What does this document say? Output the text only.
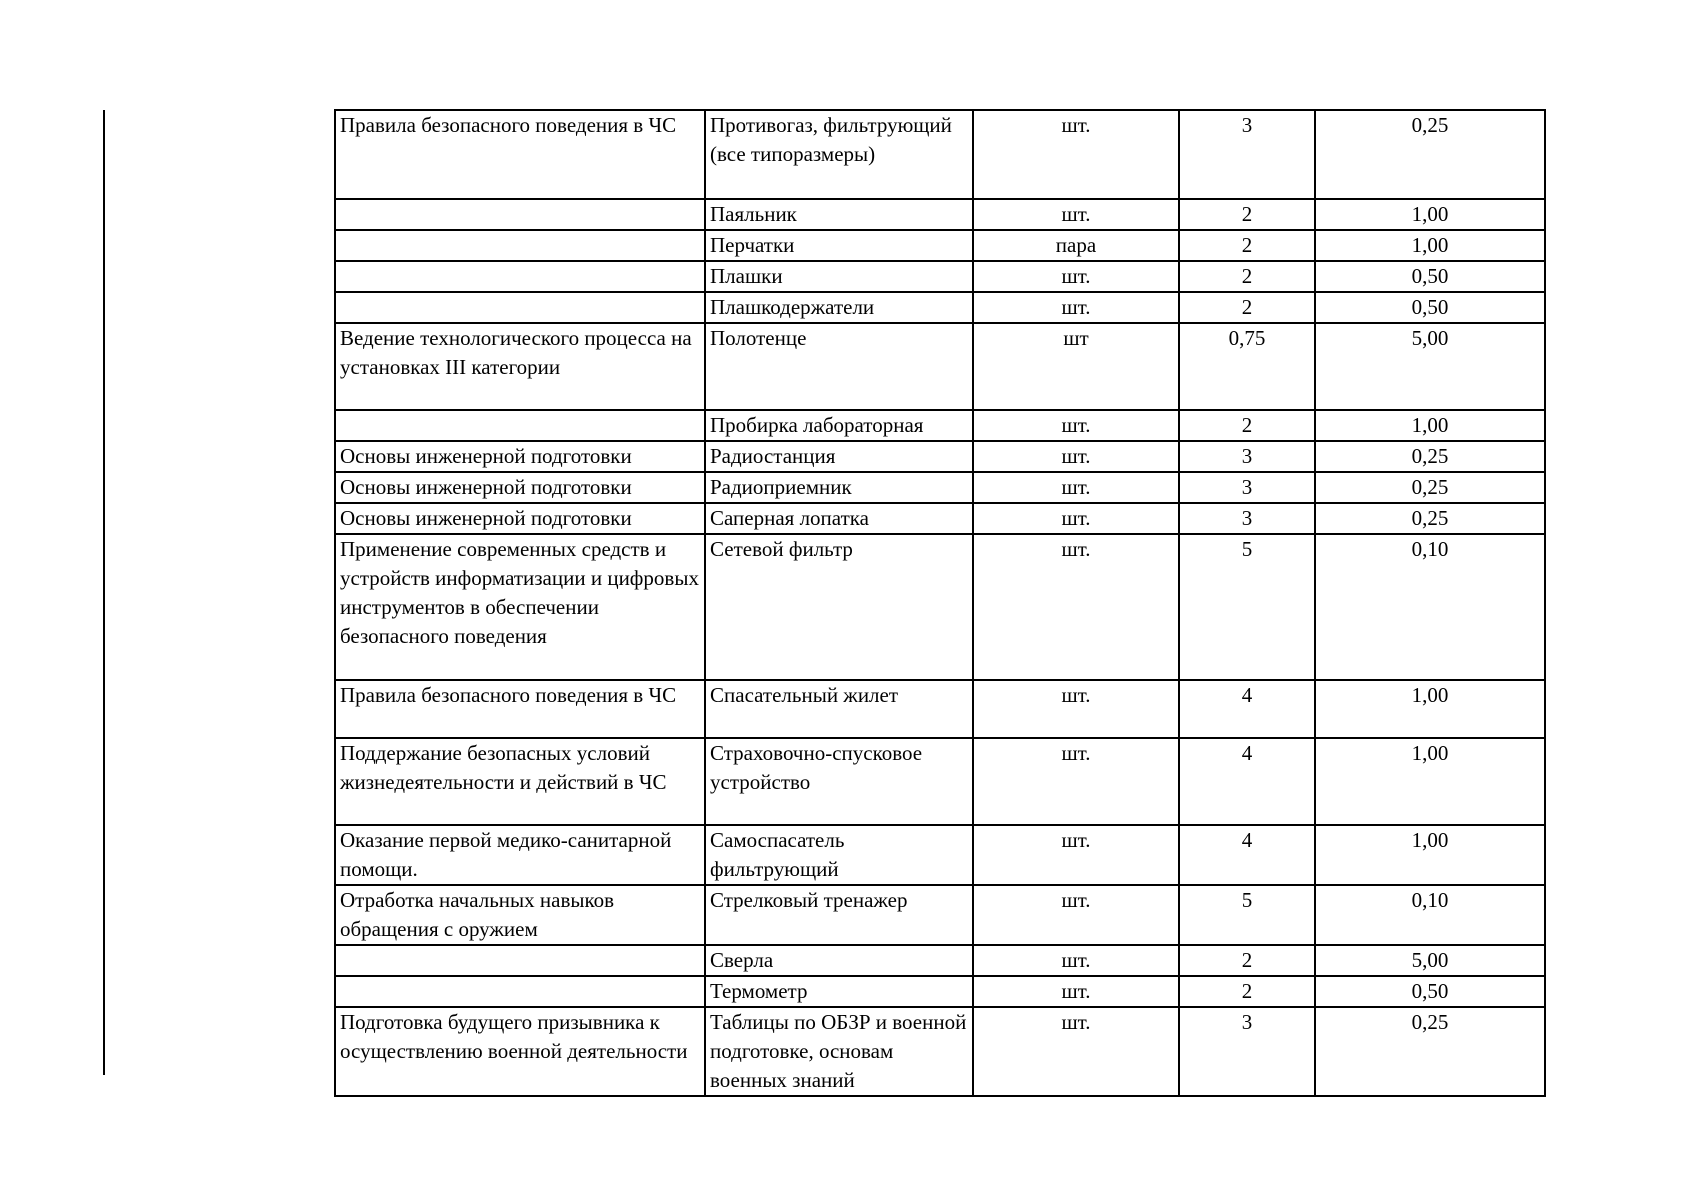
Правила безопасного поведения в ЧС	Противогаз, фильтрующий (все типоразмеры)	шт.	3	0,25
	Паяльник	шт.	2	1,00
	Перчатки	пара	2	1,00
	Плашки	шт.	2	0,50
	Плашкодержатели	шт.	2	0,50
Ведение технологического процесса на установках III категории	Полотенце	шт	0,75	5,00
	Пробирка лабораторная	шт.	2	1,00
Основы инженерной подготовки	Радиостанция	шт.	3	0,25
Основы инженерной подготовки	Радиоприемник	шт.	3	0,25
Основы инженерной подготовки	Саперная лопатка	шт.	3	0,25
Применение современных средств и устройств информатизации и цифровых инструментов в обеспечении безопасного поведения	Сетевой фильтр	шт.	5	0,10
Правила безопасного поведения в ЧС	Спасательный жилет	шт.	4	1,00
Поддержание безопасных условий жизнедеятельности и действий в ЧС	Страховочно-спусковое устройство	шт.	4	1,00
Оказание первой медико-санитарной помощи.	Самоспасатель фильтрующий	шт.	4	1,00
Отработка начальных навыков обращения с оружием	Стрелковый тренажер	шт.	5	0,10
	Сверла	шт.	2	5,00
	Термометр	шт.	2	0,50
Подготовка будущего призывника к осуществлению военной деятельности	Таблицы по ОБЗР и военной подготовке, основам военных знаний	шт.	3	0,25
